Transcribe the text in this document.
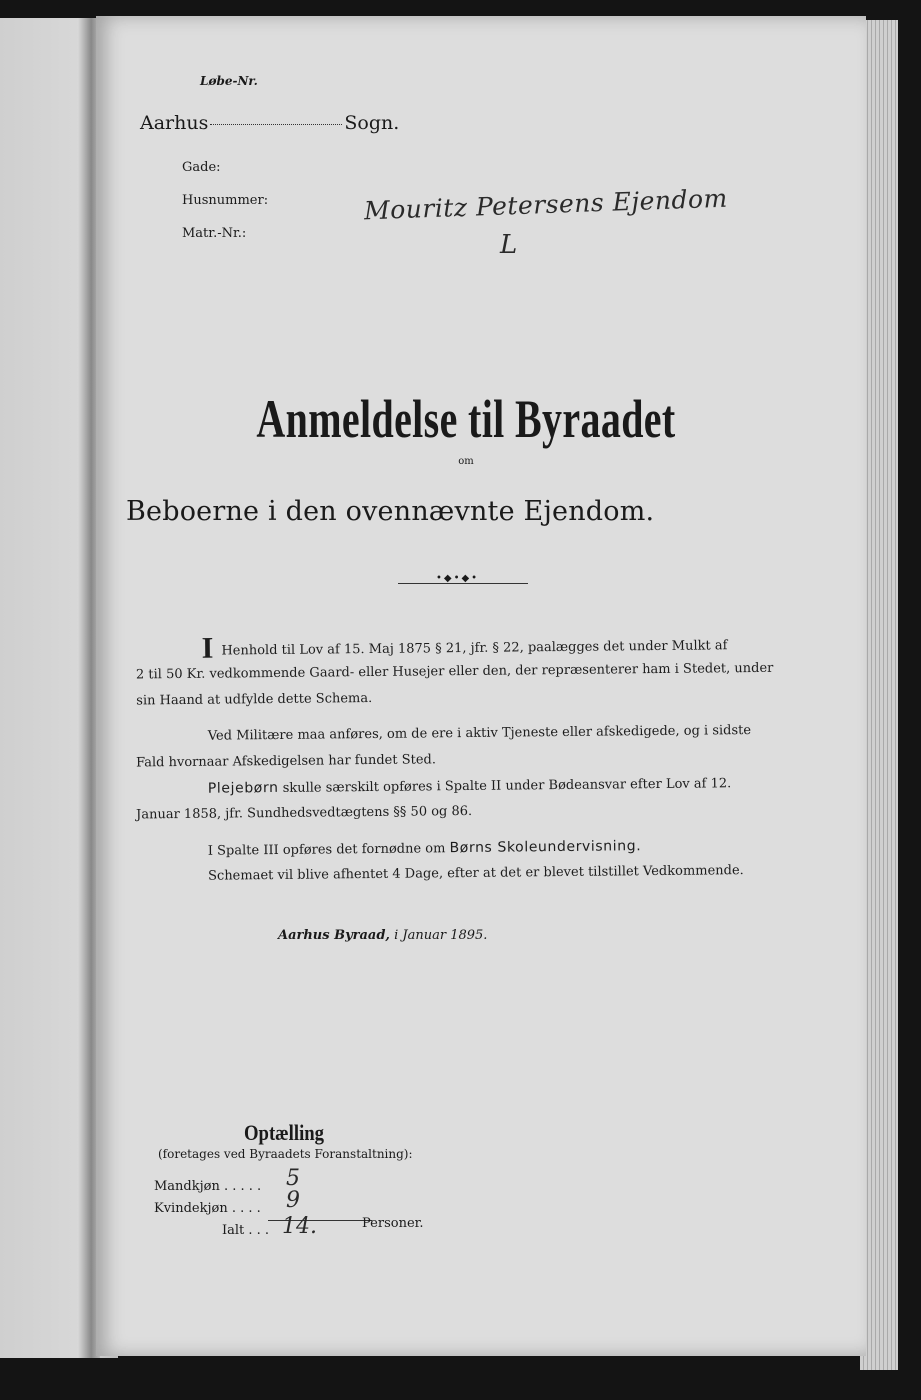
Løbe-Nr.
Aarhus	Sogn.
Gade:
Husnummer:
Matr.-Nr.:
Mouritz Petersens Ejendom
L
Anmeldelse til Byraadet
om
Beboerne i den ovennævnte Ejendom.
•◆•◆•
I Henhold til Lov af 15. Maj 1875 § 21, jfr. § 22, paalægges det under Mulkt af
2 til 50 Kr. vedkommende Gaard- eller Husejer eller den, der repræsenterer ham i Stedet, under
sin Haand at udfylde dette Schema.
Ved Militære maa anføres, om de ere i aktiv Tjeneste eller afskedigede, og i sidste
Fald hvornaar Afskedigelsen har fundet Sted.
Plejebørn skulle særskilt opføres i Spalte II under Bødeansvar efter Lov af 12.
Januar 1858, jfr. Sundhedsvedtægtens §§ 50 og 86.
I Spalte III opføres det fornødne om Børns Skoleundervisning.
Schemaet vil blive afhentet 4 Dage, efter at det er blevet tilstillet Vedkommende.
Aarhus Byraad, i Januar 1895.
Optælling
(foretages ved Byraadets Foranstaltning):
Mandkjøn . . . . .
Kvindekjøn . . . .
Ialt . . .
5
9
14.	Personer.
